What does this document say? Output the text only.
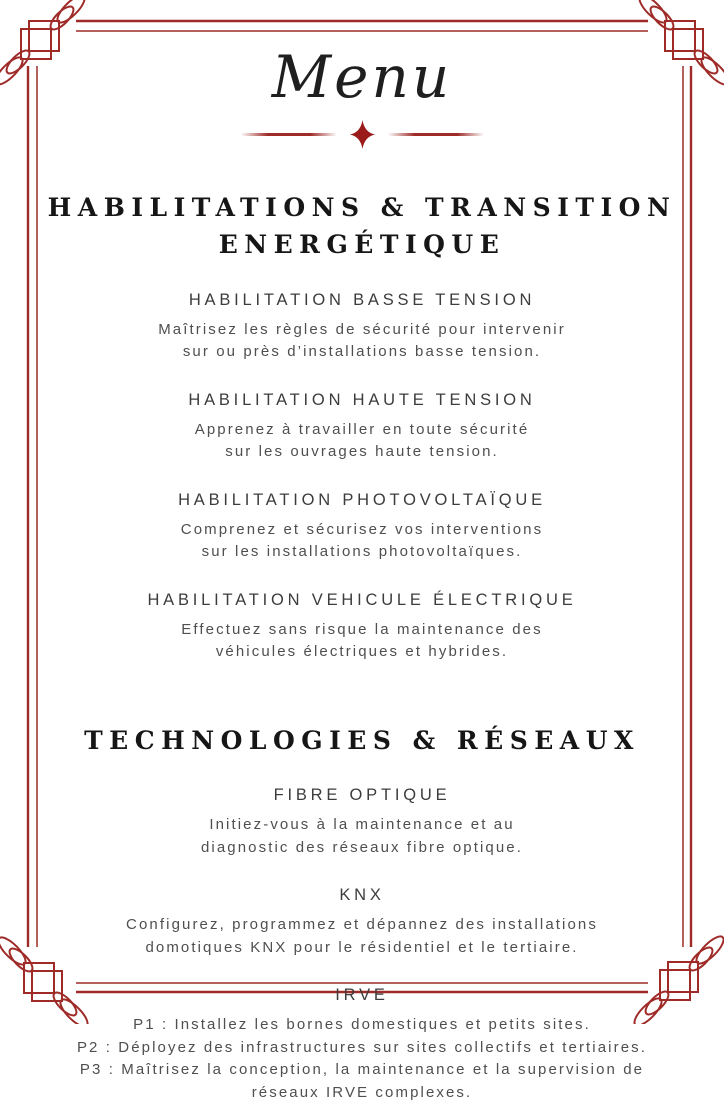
Menu
HABILITATIONS & TRANSITION
ENERGÉTIQUE
HABILITATION BASSE TENSION
Maîtrisez les règles de sécurité pour intervenir
sur ou près d’installations basse tension.
HABILITATION HAUTE TENSION
Apprenez à travailler en toute sécurité
sur les ouvrages haute tension.
HABILITATION PHOTOVOLTAÏQUE
Comprenez et sécurisez vos interventions
sur les installations photovoltaïques.
HABILITATION VEHICULE ÉLECTRIQUE
Effectuez sans risque la maintenance des
véhicules électriques et hybrides.
TECHNOLOGIES & RÉSEAUX
FIBRE OPTIQUE
Initiez-vous à la maintenance et au
diagnostic des réseaux fibre optique.
KNX
Configurez, programmez et dépannez des installations
domotiques KNX pour le résidentiel et le tertiaire.
IRVE
P1 : Installez les bornes domestiques et petits sites.
P2 : Déployez des infrastructures sur sites collectifs et tertiaires.
P3 : Maîtrisez la conception, la maintenance et la supervision de
réseaux IRVE complexes.
